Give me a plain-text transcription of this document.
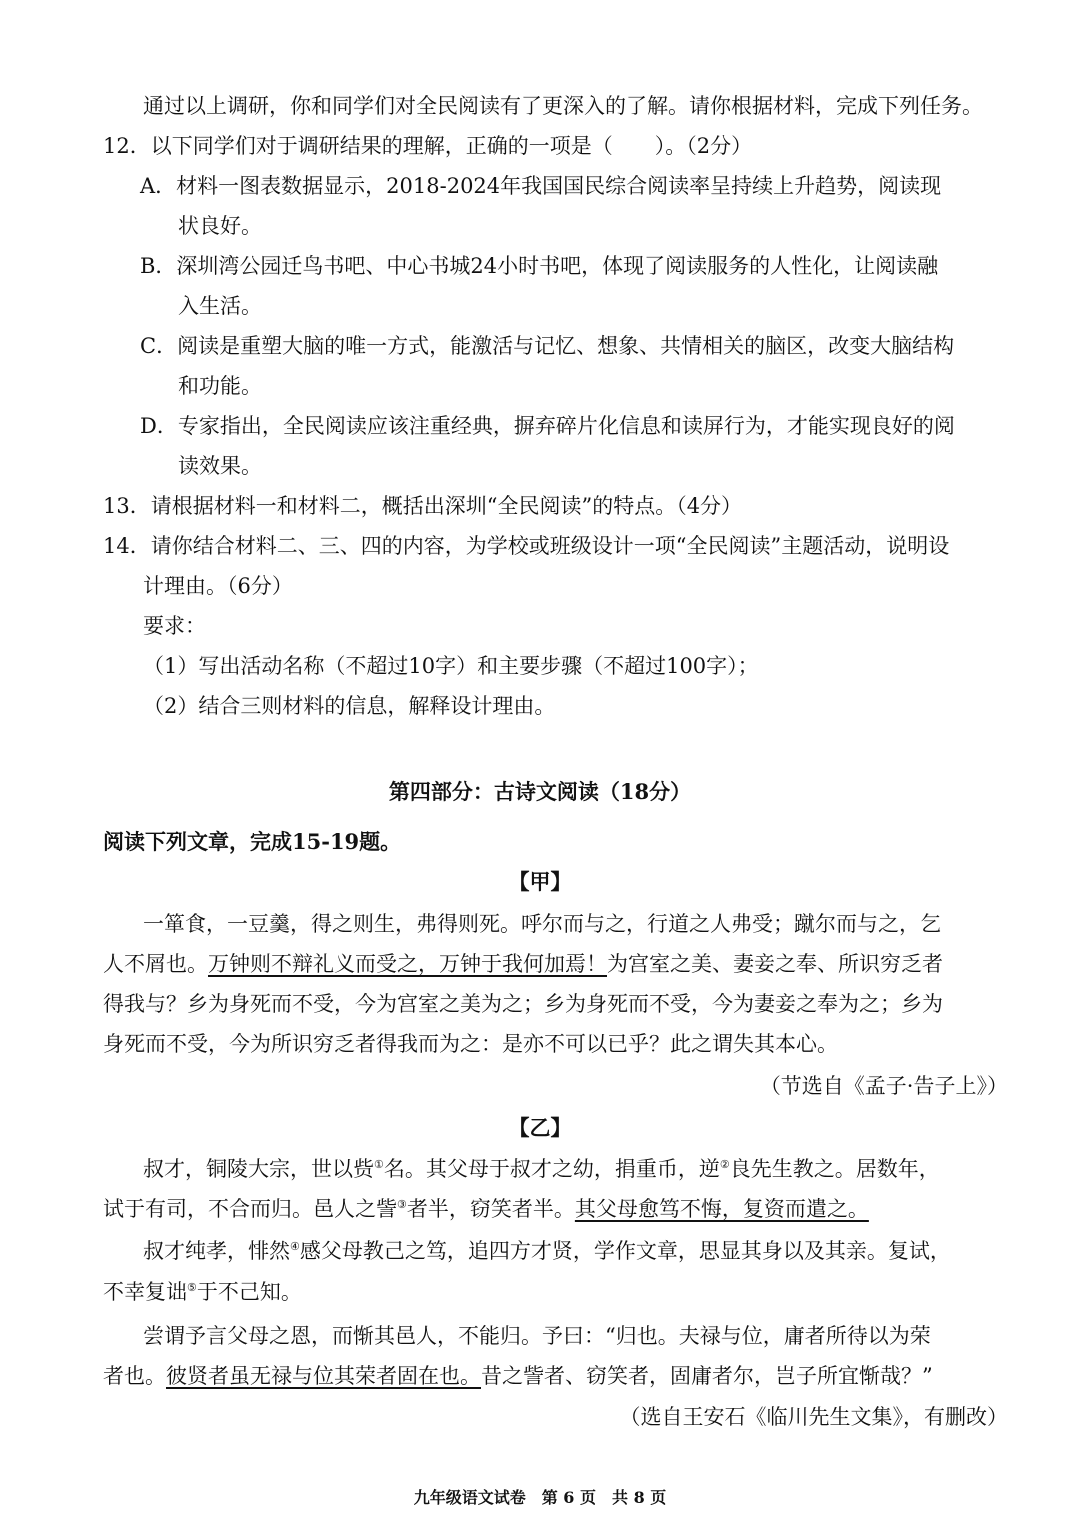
通过以上调研，你和同学们对全民阅读有了更深入的了解。请你根据材料，完成下列任务。
12．以下同学们对于调研结果的理解，正确的一项是（　　）。（2分）
A．材料一图表数据显示，2018-2024年我国国民综合阅读率呈持续上升趋势，阅读现
状良好。
B．深圳湾公园迁鸟书吧、中心书城24小时书吧，体现了阅读服务的人性化，让阅读融
入生活。
C．阅读是重塑大脑的唯一方式，能激活与记忆、想象、共情相关的脑区，改变大脑结构
和功能。
D．专家指出，全民阅读应该注重经典，摒弃碎片化信息和读屏行为，才能实现良好的阅
读效果。
13．请根据材料一和材料二，概括出深圳“全民阅读”的特点。（4分）
14．请你结合材料二、三、四的内容，为学校或班级设计一项“全民阅读”主题活动，说明设
计理由。（6分）
要求：
（1）写出活动名称（不超过10字）和主要步骤（不超过100字）；
（2）结合三则材料的信息，解释设计理由。
第四部分：古诗文阅读（18分）
阅读下列文章，完成15-19题。
【甲】
一箪食，一豆羹，得之则生，弗得则死。呼尔而与之，行道之人弗受；蹴尔而与之，乞
人不屑也。万钟则不辩礼义而受之，万钟于我何加焉！为宫室之美、妻妾之奉、所识穷乏者
得我与？乡为身死而不受，今为宫室之美为之；乡为身死而不受，今为妻妾之奉为之；乡为
身死而不受，今为所识穷乏者得我而为之：是亦不可以已乎？此之谓失其本心。
（节选自《孟子·告子上》）
【乙】
叔才，铜陵大宗，世以赀①名。其父母于叔才之幼，捐重币，逆②良先生教之。居数年，
试于有司，不合而归。邑人之訾③者半，窃笑者半。其父母愈笃不悔，复资而遣之。
叔才纯孝，悱然④感父母教己之笃，追四方才贤，学作文章，思显其身以及其亲。复试，
不幸复诎⑤于不己知。
尝谓予言父母之恩，而惭其邑人，不能归。予曰：“归也。夫禄与位，庸者所待以为荣
者也。彼贤者虽无禄与位其荣者固在也。昔之訾者、窃笑者，固庸者尔，岂子所宜惭哉？”
（选自王安石《临川先生文集》，有删改）
九年级语文试卷　第 6 页　共 8 页
